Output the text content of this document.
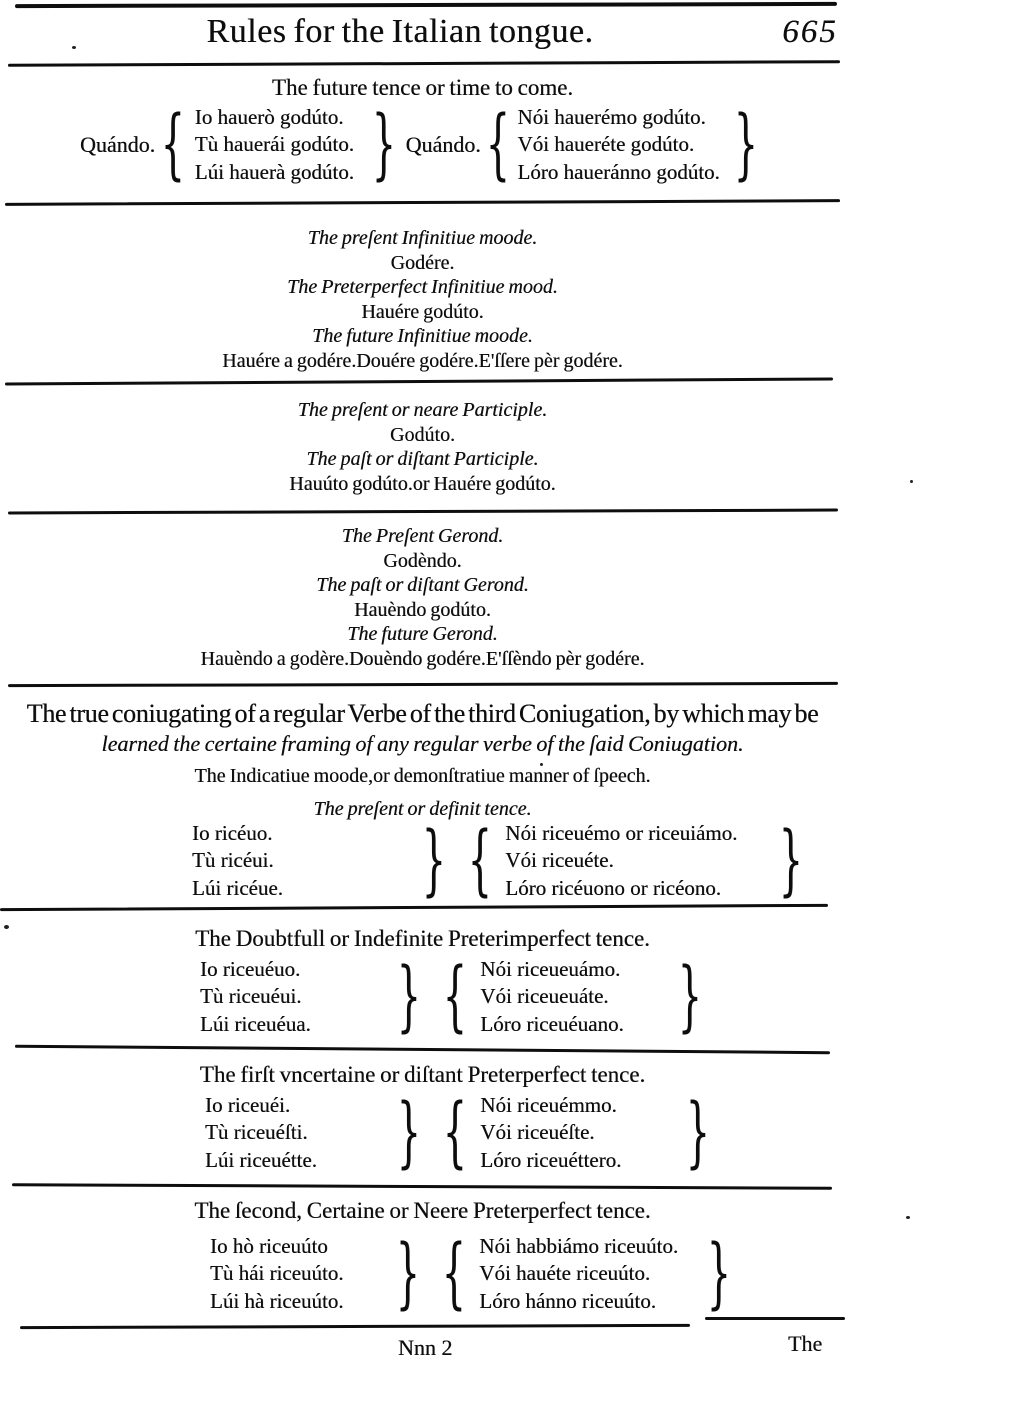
Rules for the Italian tongue.	665
The future tence or time to come.
Quándo.
{
Io hauerò godúto.
Tù hauerái godúto.
Lúi hauerà godúto.
}
Quándo.
{
Nói hauerémo godúto.
Vói haueréte godúto.
Lóro haueránno godúto.
}
The preſent Infinitiue moode.
Godére.
The Preterperfect Infinitiue mood.
Hauére godúto.
The future Infinitiue moode.
Hauére a godére.Douére godére.E'ſſere pèr godére.
The preſent or neare Participle.
Godúto.
The paſt or diſtant Participle.
Hauúto godúto.or Hauére godúto.
The Preſent Gerond.
Godèndo.
The paſt or diſtant Gerond.
Hauèndo godúto.
The future Gerond.
Hauèndo a godère.Douèndo godére.E'ſſèndo pèr godére.
The true coniugating of a regular Verbe of the third Coniugation, by which may be
learned the certaine framing of any regular verbe of the ſaid Coniugation.
The Indicatiue moode,or demonſtratiue manner of ſpeech.
The preſent or definit tence.
Io ricéuo.
Tù ricéui.
Lúi ricéue.
}
{
Nói riceuémo or riceuiámo.
Vói riceuéte.
Lóro ricéuono or ricéono.
}
The Doubtfull or Indefinite Preterimperfect tence.
Io riceuéuo.
Tù riceuéui.
Lúi riceuéua.
}
{
Nói riceueuámo.
Vói riceueuáte.
Lóro riceuéuano.
}
The firſt vncertaine or diſtant Preterperfect tence.
Io riceuéi.
Tù riceuéſti.
Lúi riceuétte.
}
{
Nói riceuémmo.
Vói riceuéſte.
Lóro riceuéttero.
}
The ſecond, Certaine or Neere Preterperfect tence.
Io hò riceuúto
Tù hái riceuúto.
Lúi hà riceuúto.
}
{
Nói habbiámo riceuúto.
Vói hauéte riceuúto.
Lóro hánno riceuúto.
}
Nnn 2	The
